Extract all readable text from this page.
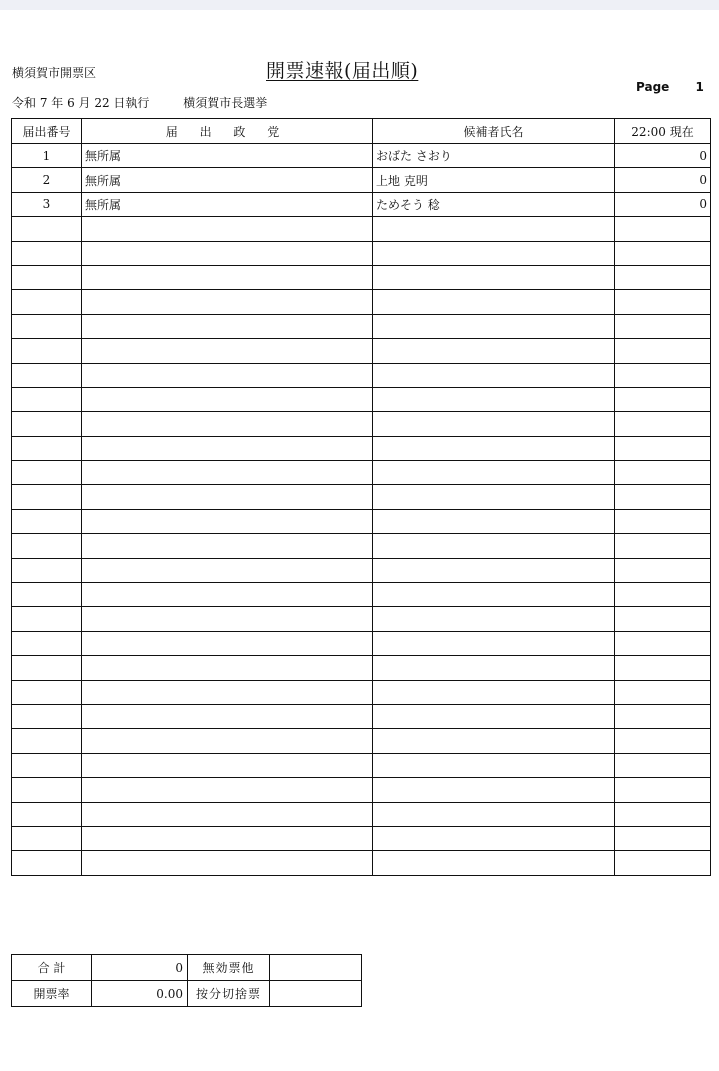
横須賀市開票区	開票速報(届出順)
令和 7 年 6 月 22 日執行	横須賀市長選挙
Page 1
届出番号	届 出 政 党	候補者氏名	22:00 現在
1	無所属	おばた さおり	0
2	無所属	上地 克明	0
3	無所属	ためそう 稔	0

合 計	0	無効票他	
開票率	0.00	按分切捨票	
